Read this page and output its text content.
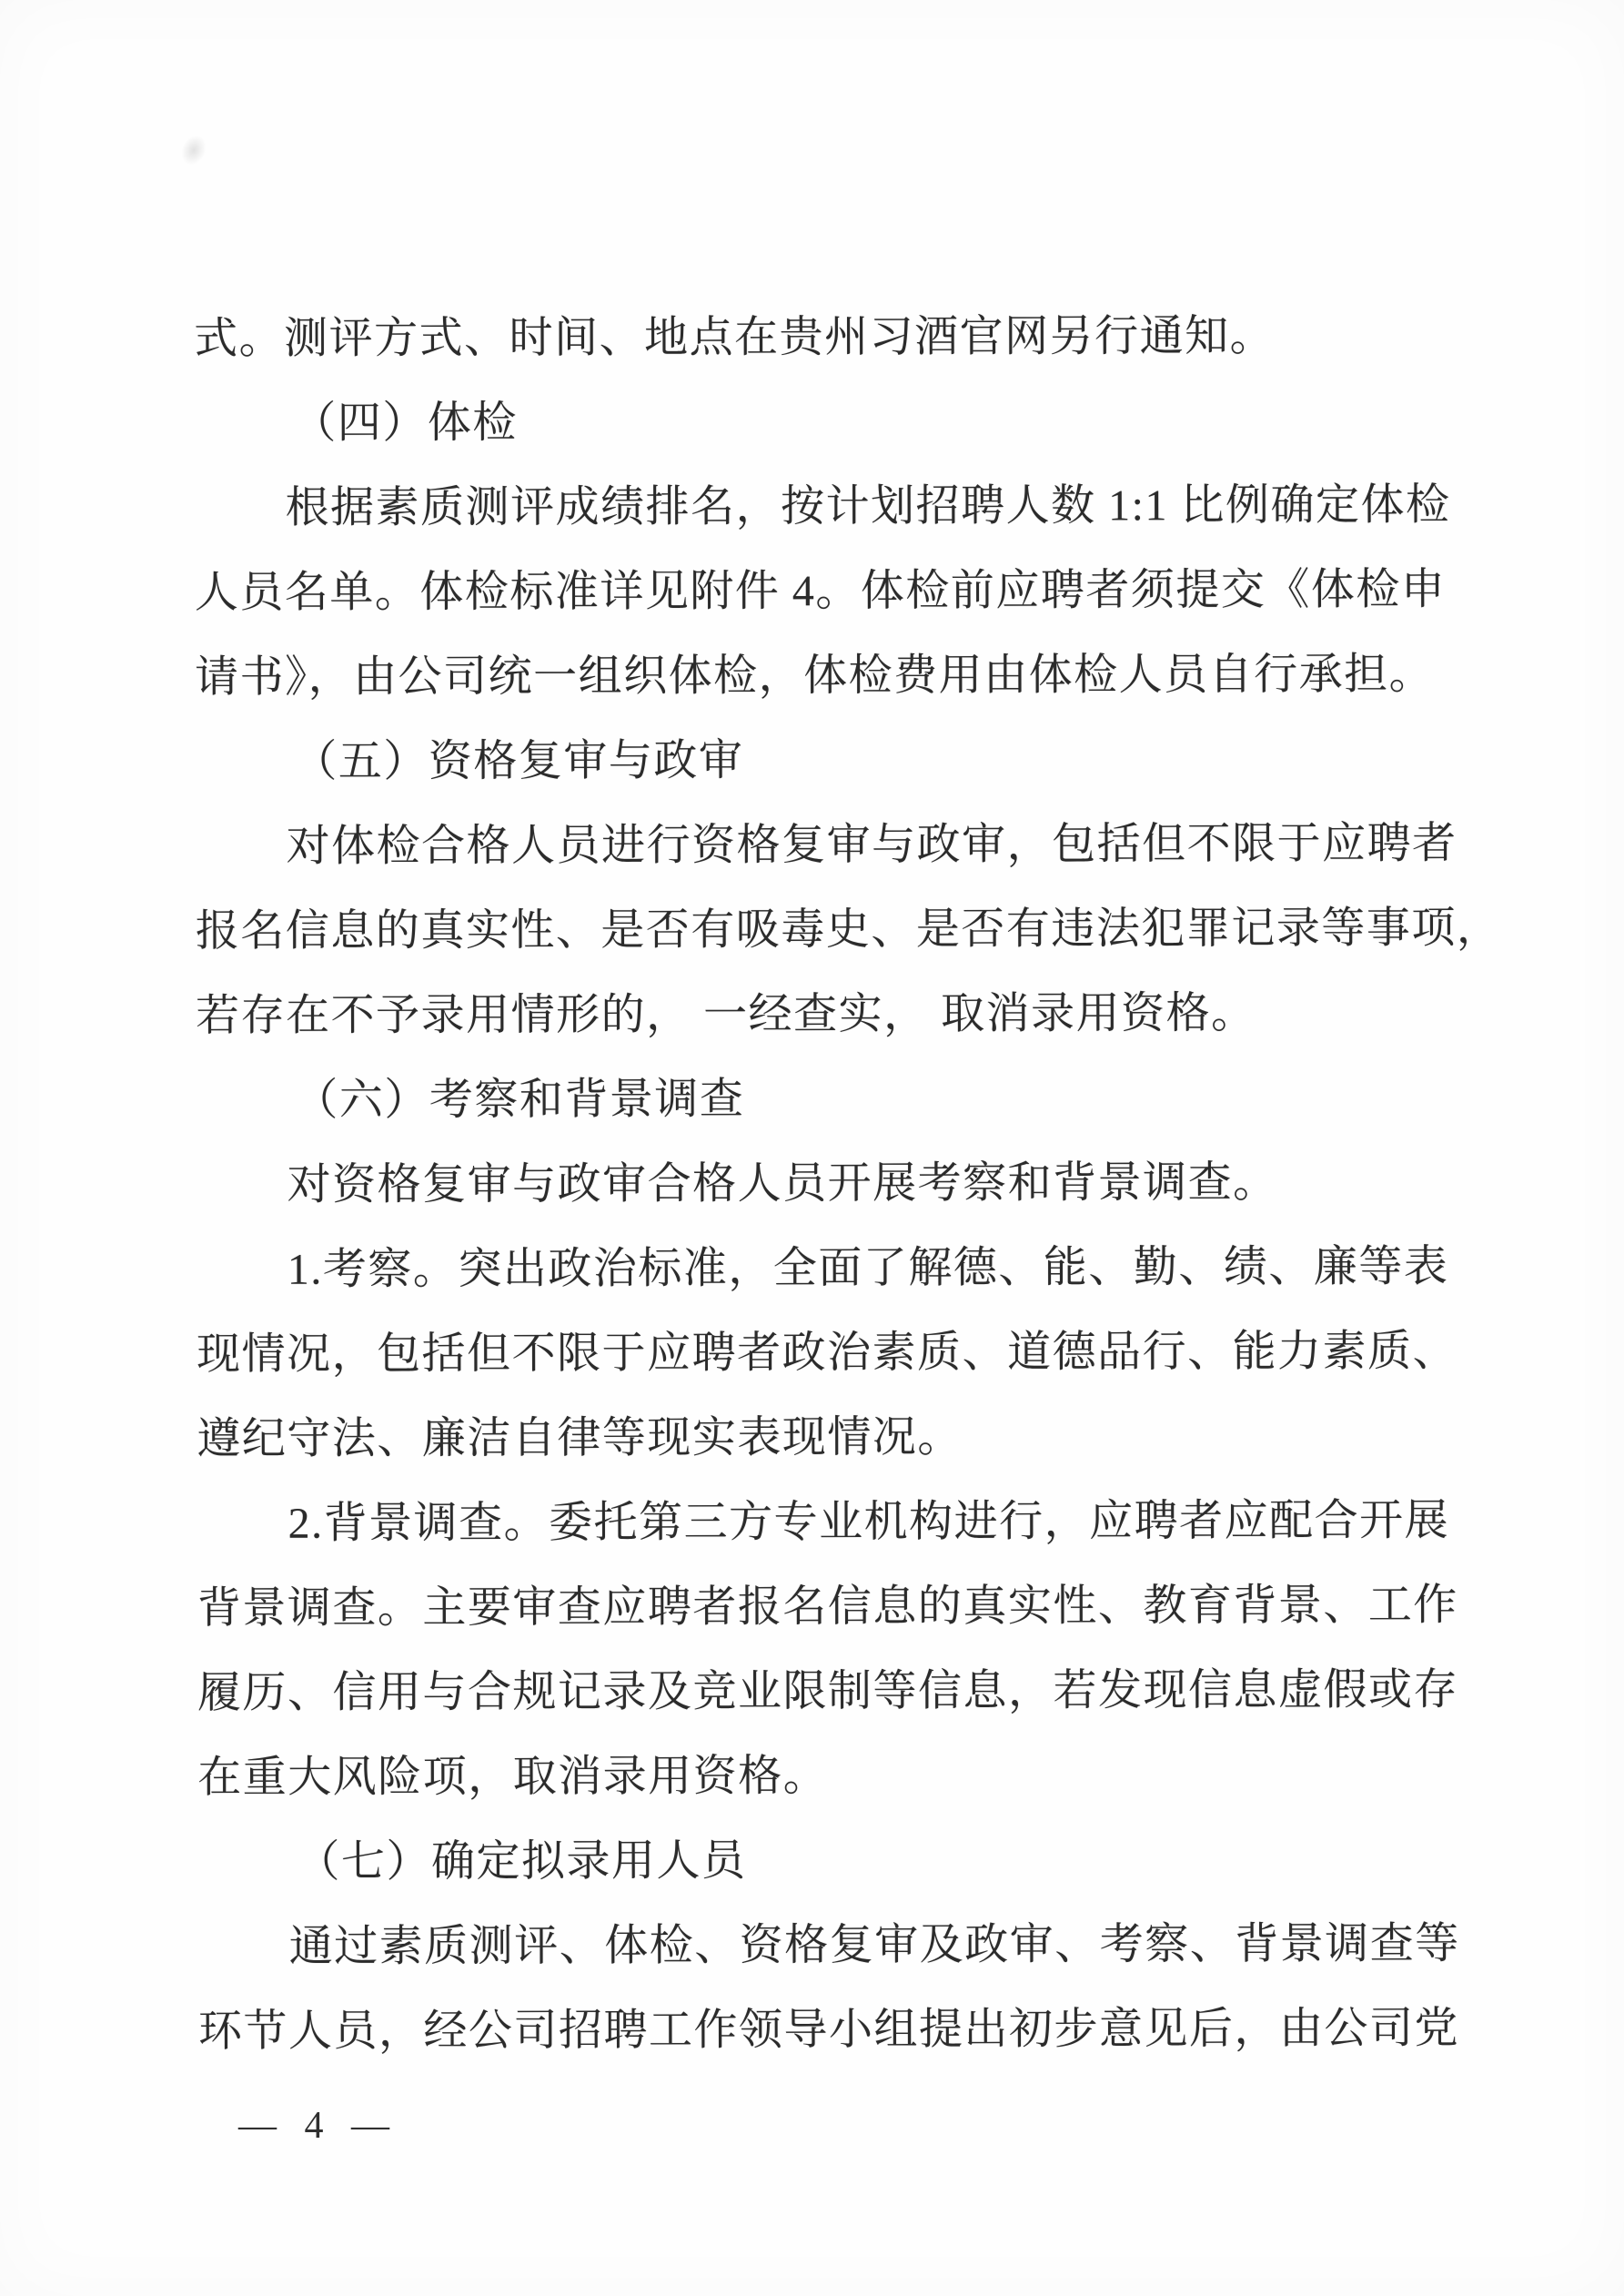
式。测评方式、时间、地点在贵州习酒官网另行通知。
（四）体检
根据素质测评成绩排名，按计划招聘人数 1:1 比例确定体检
人员名单。体检标准详见附件 4。体检前应聘者须提交《体检申
请书》，由公司统一组织体检，体检费用由体检人员自行承担。
（五）资格复审与政审
对体检合格人员进行资格复审与政审，包括但不限于应聘者
报名信息的真实性、是否有吸毒史、是否有违法犯罪记录等事项，
若存在不予录用情形的， 一经查实， 取消录用资格。
（六）考察和背景调查
对资格复审与政审合格人员开展考察和背景调查。
1.考察。突出政治标准，全面了解德、能、勤、绩、廉等表
现情况，包括但不限于应聘者政治素质、道德品行、能力素质、
遵纪守法、廉洁自律等现实表现情况。
2.背景调查。委托第三方专业机构进行，应聘者应配合开展
背景调查。主要审查应聘者报名信息的真实性、教育背景、工作
履历、信用与合规记录及竞业限制等信息，若发现信息虚假或存
在重大风险项，取消录用资格。
（七）确定拟录用人员
通过素质测评、体检、资格复审及政审、考察、背景调查等
环节人员，经公司招聘工作领导小组提出初步意见后，由公司党
— 4 —
